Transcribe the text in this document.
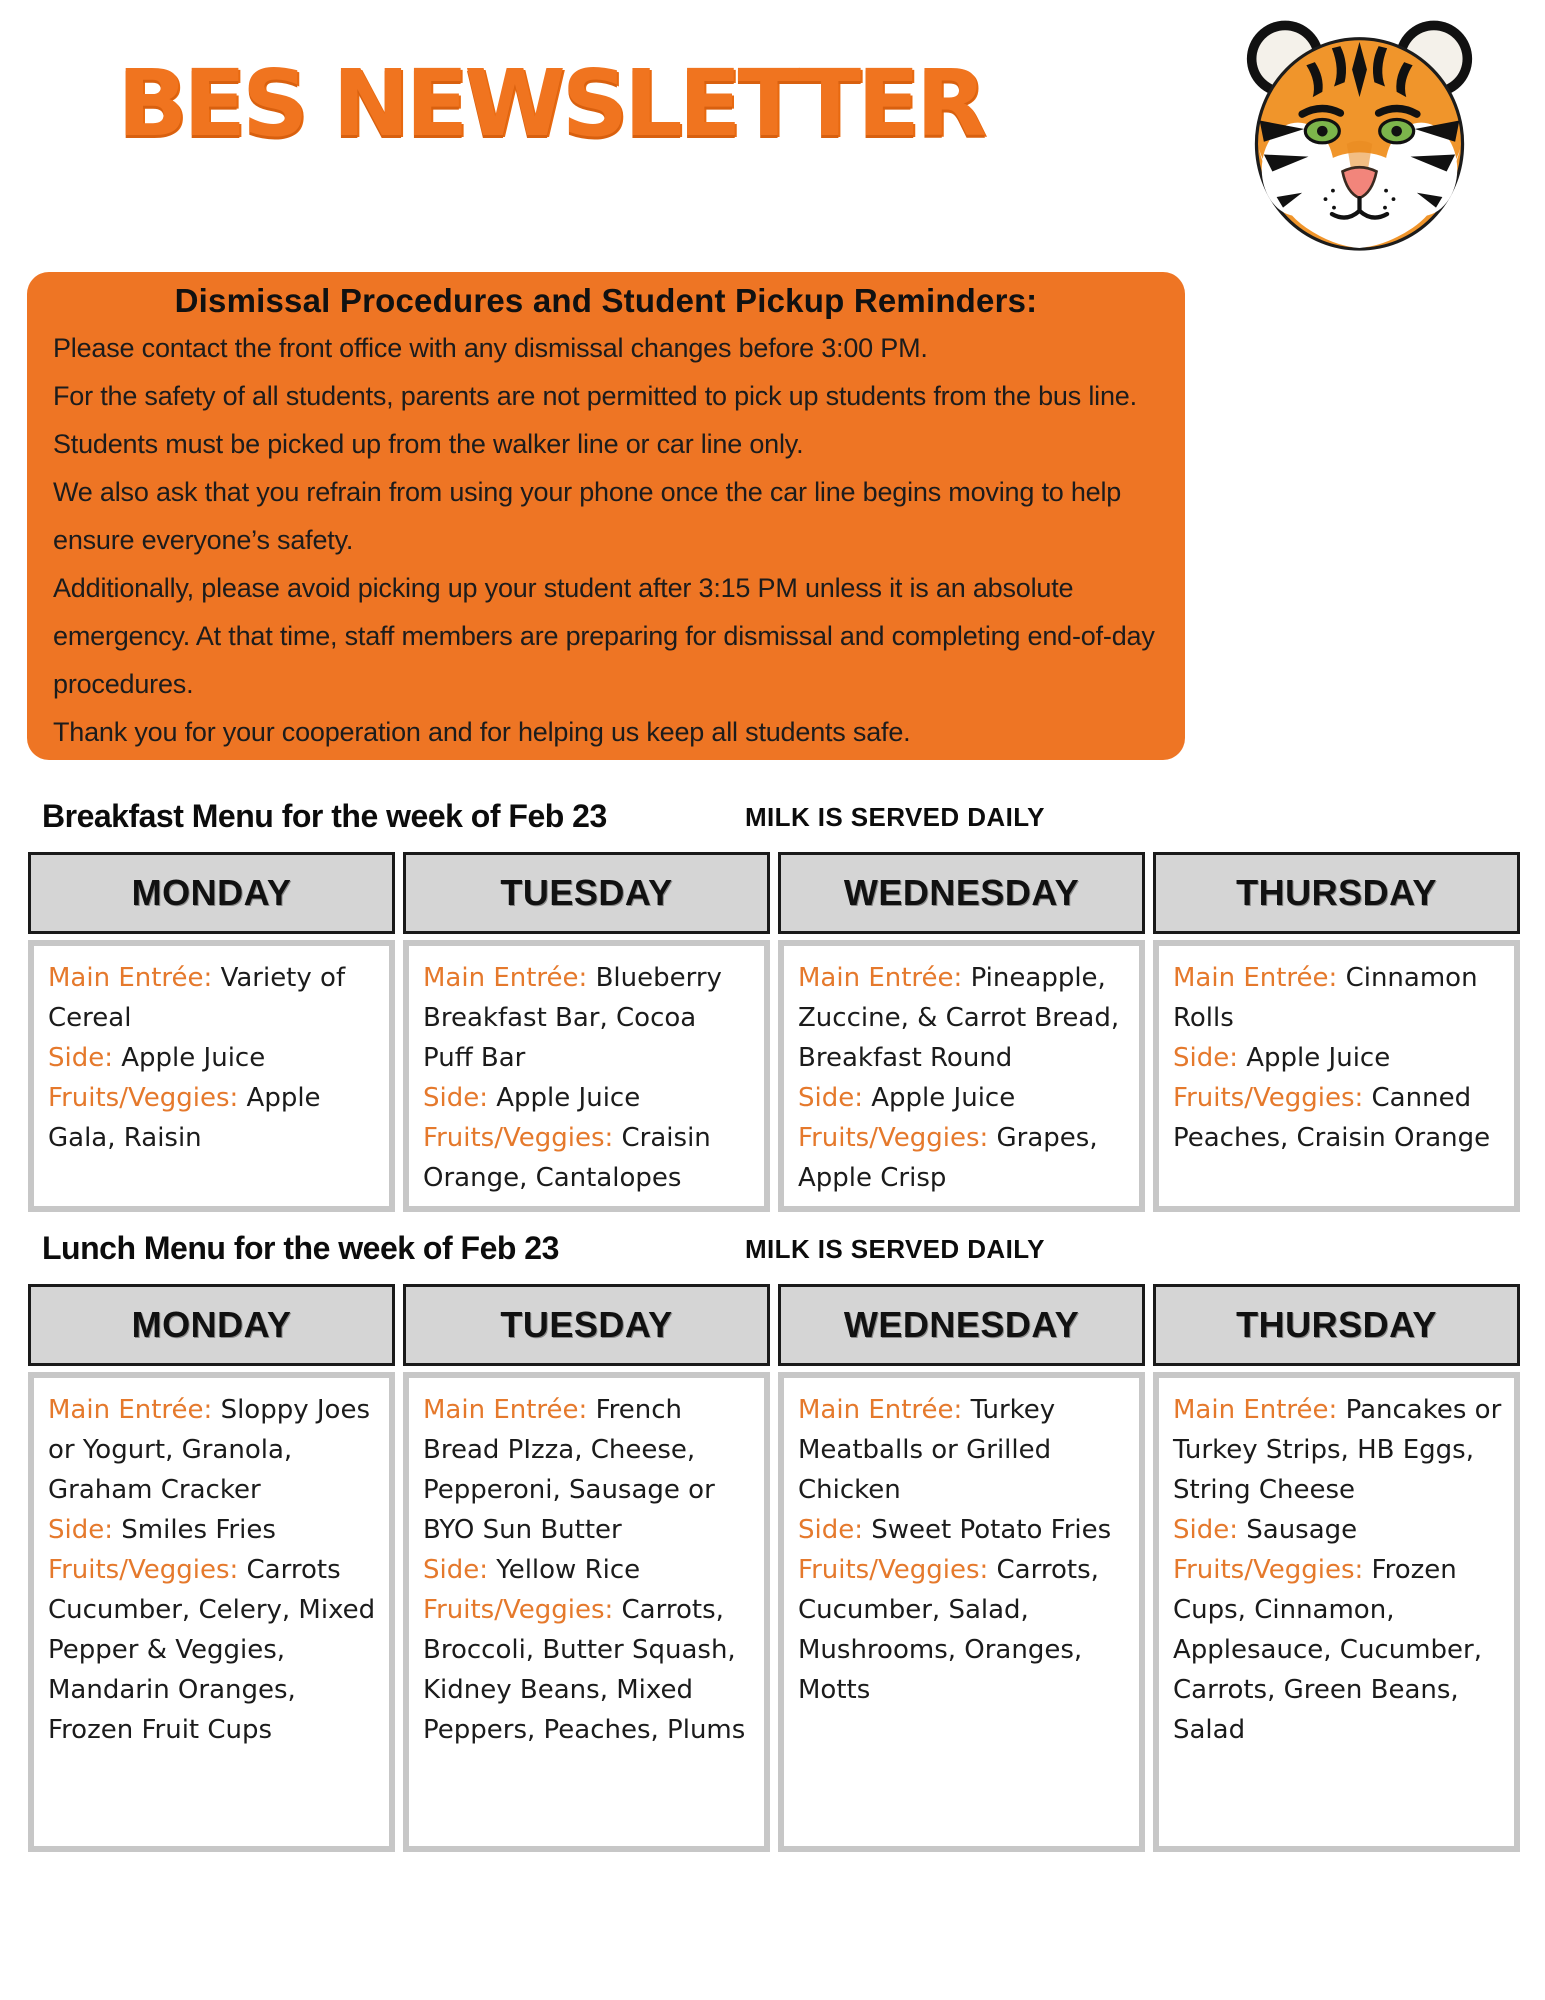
BES NEWSLETTER
Dismissal Procedures and Student Pickup Reminders:

Please contact the front office with any dismissal changes before 3:00 PM.

For the safety of all students, parents are not permitted to pick up students from the bus line. Students must be picked up from the walker line or car line only.

We also ask that you refrain from using your phone once the car line begins moving to help ensure everyone’s safety.

Additionally, please avoid picking up your student after 3:15 PM unless it is an absolute emergency. At that time, staff members are preparing for dismissal and completing end-of-day procedures.

Thank you for your cooperation and for helping us keep all students safe.

Breakfast Menu for the week of Feb 23	MILK IS SERVED DAILY
MONDAY	TUESDAY	WEDNESDAY	THURSDAY
Main Entrée: Variety of Cereal
Side: Apple Juice
Fruits/Veggies: Apple Gala, Raisin
Main Entrée: Blueberry Breakfast Bar, Cocoa Puff Bar
Side: Apple Juice
Fruits/Veggies: Craisin Orange, Cantalopes
Main Entrée: Pineapple, Zuccine, & Carrot Bread, Breakfast Round
Side: Apple Juice
Fruits/Veggies: Grapes, Apple Crisp
Main Entrée: Cinnamon Rolls
Side: Apple Juice
Fruits/Veggies: Canned Peaches, Craisin Orange
Lunch Menu for the week of Feb 23	MILK IS SERVED DAILY
MONDAY	TUESDAY	WEDNESDAY	THURSDAY
Main Entrée: Sloppy Joes or Yogurt, Granola, Graham Cracker
Side: Smiles Fries
Fruits/Veggies: Carrots Cucumber, Celery, Mixed Pepper & Veggies, Mandarin Oranges, Frozen Fruit Cups
Main Entrée: French Bread PIzza, Cheese, Pepperoni, Sausage or BYO Sun Butter
Side: Yellow Rice
Fruits/Veggies: Carrots, Broccoli, Butter Squash, Kidney Beans, Mixed Peppers, Peaches, Plums
Main Entrée: Turkey Meatballs or Grilled Chicken
Side: Sweet Potato Fries
Fruits/Veggies: Carrots, Cucumber, Salad, Mushrooms, Oranges, Motts
Main Entrée: Pancakes or Turkey Strips, HB Eggs, String Cheese
Side: Sausage
Fruits/Veggies: Frozen Cups, Cinnamon, Applesauce, Cucumber, Carrots, Green Beans, Salad
